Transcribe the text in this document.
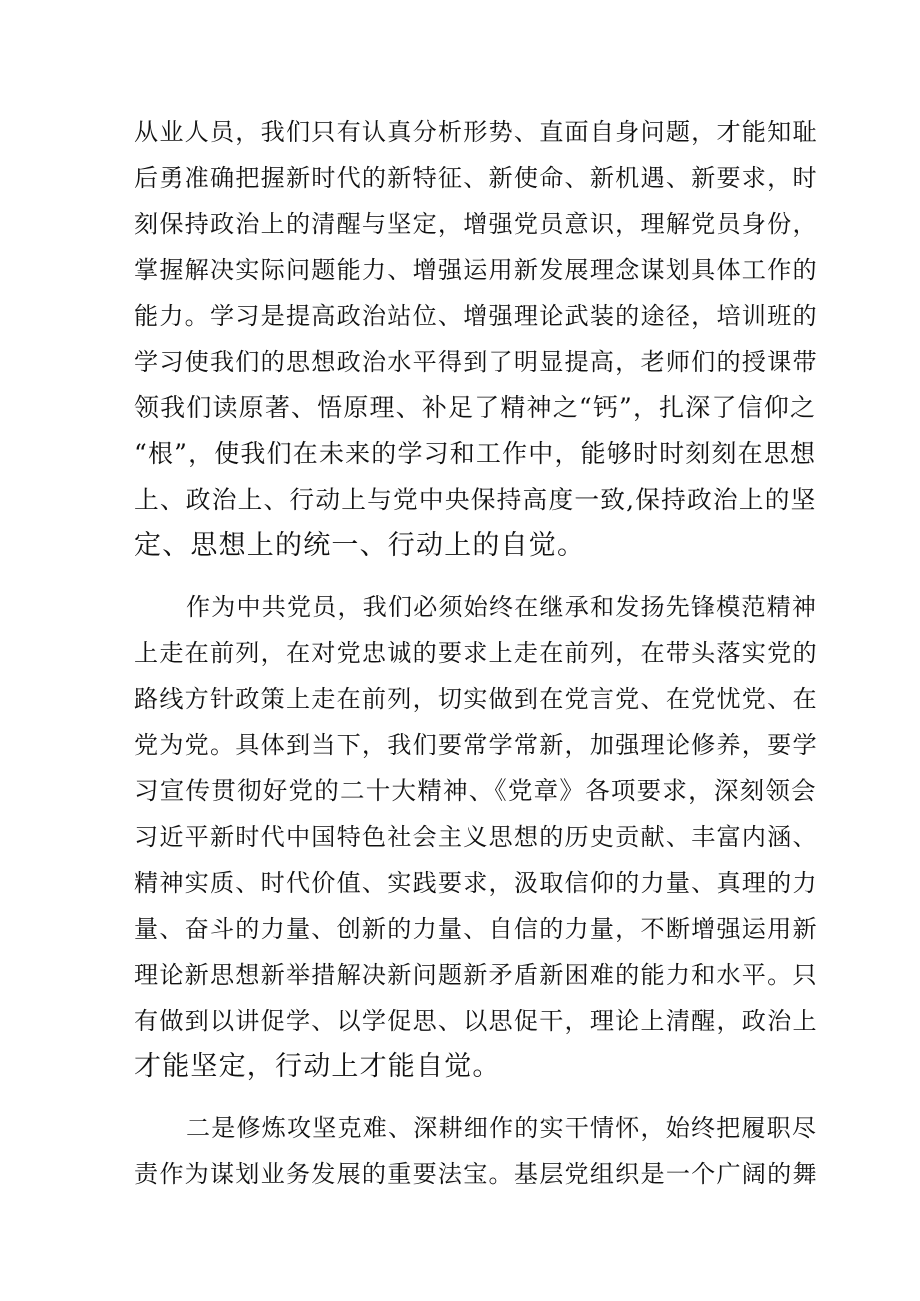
从业人员，我们只有认真分析形势、直面自身问题，才能知耻
后勇准确把握新时代的新特征、新使命、新机遇、新要求，时
刻保持政治上的清醒与坚定，增强党员意识，理解党员身份，
掌握解决实际问题能力、增强运用新发展理念谋划具体工作的
能力。学习是提高政治站位、增强理论武装的途径，培训班的
学习使我们的思想政治水平得到了明显提高，老师们的授课带
领我们读原著、悟原理、补足了精神之“钙”，扎深了信仰之
“根”，使我们在未来的学习和工作中，能够时时刻刻在思想
上、政治上、行动上与党中央保持高度一致,保持政治上的坚
定、思想上的统一、行动上的自觉。
作为中共党员，我们必须始终在继承和发扬先锋模范精神
上走在前列，在对党忠诚的要求上走在前列，在带头落实党的
路线方针政策上走在前列，切实做到在党言党、在党忧党、在
党为党。具体到当下，我们要常学常新，加强理论修养，要学
习宣传贯彻好党的二十大精神、《党章》各项要求，深刻领会
习近平新时代中国特色社会主义思想的历史贡献、丰富内涵、
精神实质、时代价值、实践要求，汲取信仰的力量、真理的力
量、奋斗的力量、创新的力量、自信的力量，不断增强运用新
理论新思想新举措解决新问题新矛盾新困难的能力和水平。只
有做到以讲促学、以学促思、以思促干，理论上清醒，政治上
才能坚定，行动上才能自觉。
二是修炼攻坚克难、深耕细作的实干情怀，始终把履职尽
责作为谋划业务发展的重要法宝。基层党组织是一个广阔的舞
